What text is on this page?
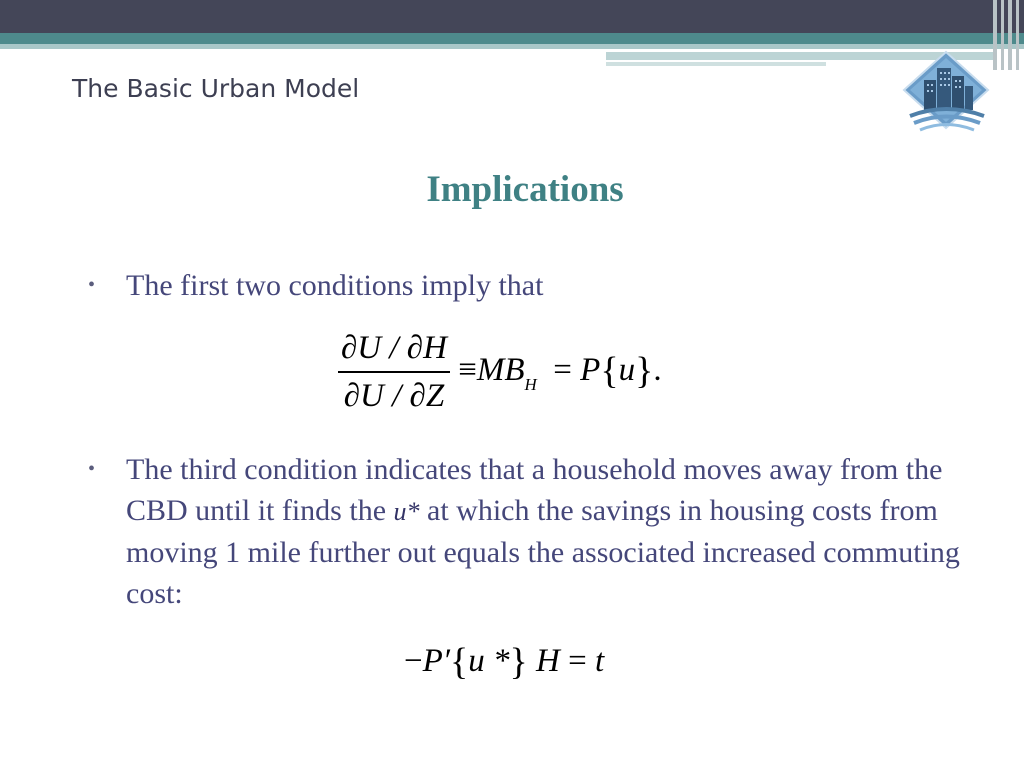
The Basic Urban Model
Implications
• The first two conditions imply that
$\frac{\partial U / \partial H}{\partial U / \partial Z} \equiv MB_H = P\{u\}$.
• The third condition indicates that a household moves away from the CBD until it finds the u* at which the savings in housing costs from moving 1 mile further out equals the associated increased commuting cost:
−P′{u *} H = t
